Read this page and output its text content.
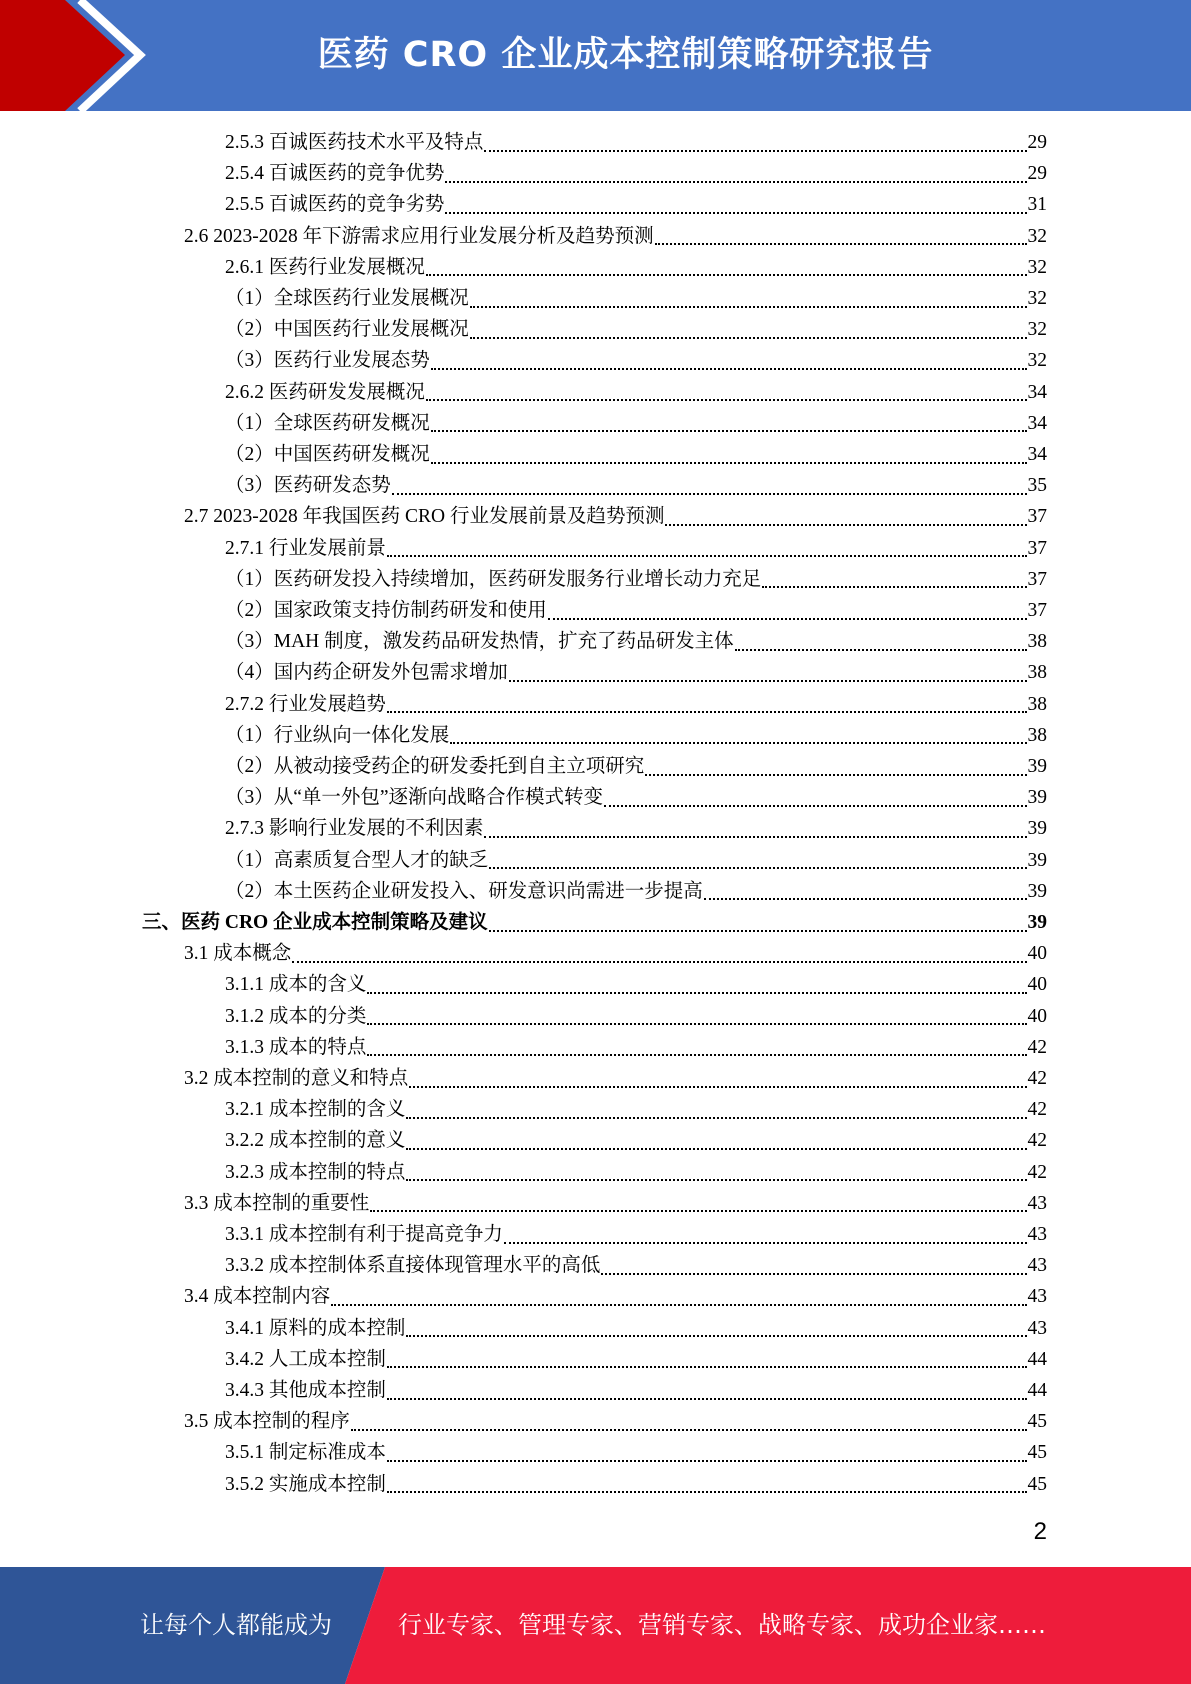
医药 CRO 企业成本控制策略研究报告
2.5.3 百诚医药技术水平及特点	29
2.5.4 百诚医药的竞争优势	29
2.5.5 百诚医药的竞争劣势	31
2.6 2023-2028 年下游需求应用行业发展分析及趋势预测	32
2.6.1 医药行业发展概况	32
（1）全球医药行业发展概况	32
（2）中国医药行业发展概况	32
（3）医药行业发展态势	32
2.6.2 医药研发发展概况	34
（1）全球医药研发概况	34
（2）中国医药研发概况	34
（3）医药研发态势	35
2.7 2023-2028 年我国医药 CRO 行业发展前景及趋势预测	37
2.7.1 行业发展前景	37
（1）医药研发投入持续增加，医药研发服务行业增长动力充足	37
（2）国家政策支持仿制药研发和使用	37
（3）MAH 制度，激发药品研发热情，扩充了药品研发主体	38
（4）国内药企研发外包需求增加	38
2.7.2 行业发展趋势	38
（1）行业纵向一体化发展	38
（2）从被动接受药企的研发委托到自主立项研究	39
（3）从“单一外包”逐渐向战略合作模式转变	39
2.7.3 影响行业发展的不利因素	39
（1）高素质复合型人才的缺乏	39
（2）本土医药企业研发投入、研发意识尚需进一步提高	39
三、医药 CRO 企业成本控制策略及建议	39
3.1 成本概念	40
3.1.1 成本的含义	40
3.1.2 成本的分类	40
3.1.3 成本的特点	42
3.2 成本控制的意义和特点	42
3.2.1 成本控制的含义	42
3.2.2 成本控制的意义	42
3.2.3 成本控制的特点	42
3.3 成本控制的重要性	43
3.3.1 成本控制有利于提高竞争力	43
3.3.2 成本控制体系直接体现管理水平的高低	43
3.4 成本控制内容	43
3.4.1 原料的成本控制	43
3.4.2 人工成本控制	44
3.4.3 其他成本控制	44
3.5 成本控制的程序	45
3.5.1 制定标准成本	45
3.5.2 实施成本控制	45
2
让每个人都能成为	行业专家、管理专家、营销专家、战略专家、成功企业家……
